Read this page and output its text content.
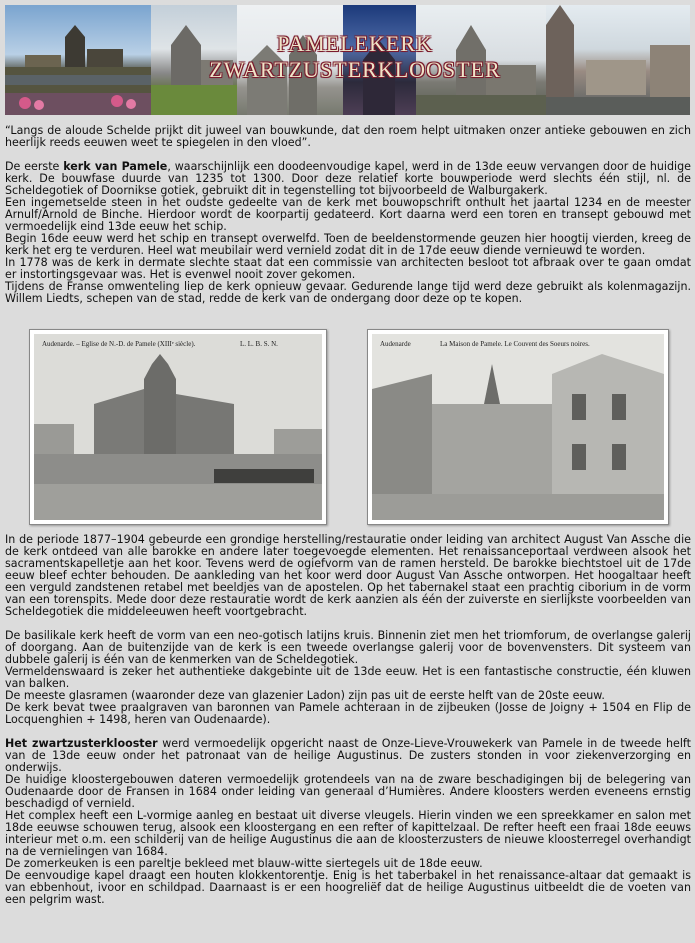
PAMELEKERK
ZWARTZUSTERKLOOSTER

“Langs de aloude Schelde prijkt dit juweel van bouwkunde, dat den roem helpt uitmaken onzer antieke gebouwen en zich heerlijk reeds eeuwen weet te spiegelen in den vloed”.

De eerste kerk van Pamele, waarschijnlijk een doodeenvoudige kapel, werd in de 13de eeuw vervangen door de huidige kerk. De bouwfase duurde van 1235 tot 1300. Door deze relatief korte bouwperiode werd slechts één stijl, nl. de Scheldegotiek of Doornikse gotiek, gebruikt dit in tegenstelling tot bijvoorbeeld de Walburgakerk.

Een ingemetselde steen in het oudste gedeelte van de kerk met bouwopschrift onthult het jaartal 1234 en de meester Arnulf/Arnold de Binche. Hierdoor wordt de koorpartij gedateerd. Kort daarna werd een toren en transept gebouwd met vermoedelijk eind 13de eeuw het schip.

Begin 16de eeuw werd het schip en transept overwelfd. Toen de beeldenstormende geuzen hier hoogtij vierden, kreeg de kerk het erg te verduren. Heel wat meubilair werd vernield zodat dit in de 17de eeuw diende vernieuwd te worden.

In 1778 was de kerk in dermate slechte staat dat een commissie van architecten besloot tot afbraak over te gaan omdat er instortingsgevaar was. Het is evenwel nooit zover gekomen.

Tijdens de Franse omwenteling liep de kerk opnieuw gevaar. Gedurende lange tijd werd deze gebruikt als kolenmagazijn. Willem Liedts, schepen van de stad, redde de kerk van de ondergang door deze op te kopen.

Audenarde. – Eglise de N.-D. de Pamele (XIIIᵉ siècle).	L. L. B. S. N.	Audenarde	La Maison de Pamele. Le Couvent des Soeurs noires.

In de periode 1877–1904 gebeurde een grondige herstelling/restauratie onder leiding van architect August Van Assche die de kerk ontdeed van alle barokke en andere later toegevoegde elementen. Het renaissanceportaal verdween alsook het sacramentskapelletje aan het koor. Tevens werd de ogiefvorm van de ramen hersteld. De barokke biechtstoel uit de 17de eeuw bleef echter behouden. De aankleding van het koor werd door August Van Assche ontworpen. Het hoogaltaar heeft een verguld zandstenen retabel met beeldjes van de apostelen. Op het tabernakel staat een prachtig ciborium in de vorm van een torenspits. Mede door deze restauratie wordt de kerk aanzien als één der zuiverste en sierlijkste voorbeelden van Scheldegotiek die middeleeuwen heeft voortgebracht.

De basilikale kerk heeft de vorm van een neo-gotisch latijns kruis. Binnenin ziet men het triomforum, de overlangse galerij of doorgang. Aan de buitenzijde van de kerk is een tweede overlangse galerij voor de bovenvensters. Dit systeem van dubbele galerij is één van de kenmerken van de Scheldegotiek.

Vermeldenswaard is zeker het authentieke dakgebinte uit de 13de eeuw. Het is een fantastische constructie, één kluwen van balken.

De meeste glasramen (waaronder deze van glazenier Ladon) zijn pas uit de eerste helft van de 20ste eeuw.

De kerk bevat twee praalgraven van baronnen van Pamele achteraan in de zijbeuken (Josse de Joigny + 1504 en Flip de Locquenghien + 1498, heren van Oudenaarde).

Het zwartzusterklooster werd vermoedelijk opgericht naast de Onze-Lieve-Vrouwekerk van Pamele in de tweede helft van de 13de eeuw onder het patronaat van de heilige Augustinus. De zusters stonden in voor ziekenverzorging en onderwijs.

De huidige kloostergebouwen dateren vermoedelijk grotendeels van na de zware beschadigingen bij de belegering van Oudenaarde door de Fransen in 1684 onder leiding van generaal d’Humières. Andere kloosters werden eveneens ernstig beschadigd of vernield.

Het complex heeft een L-vormige aanleg en bestaat uit diverse vleugels. Hierin vinden we een spreekkamer en salon met 18de eeuwse schouwen terug, alsook een kloostergang en een refter of kapittelzaal. De refter heeft een fraai 18de eeuws interieur met o.m. een schilderij van de heilige Augustinus die aan de kloosterzusters de nieuwe kloosterregel overhandigt na de vernielingen van 1684.

De zomerkeuken is een pareltje bekleed met blauw-witte siertegels uit de 18de eeuw.

De eenvoudige kapel draagt een houten klokkentorentje. Enig is het taberbakel in het renaissance-altaar dat gemaakt is van ebbenhout, ivoor en schildpad. Daarnaast is er een hoogreliëf dat de heilige Augustinus uitbeeldt die de voeten van een pelgrim wast.
